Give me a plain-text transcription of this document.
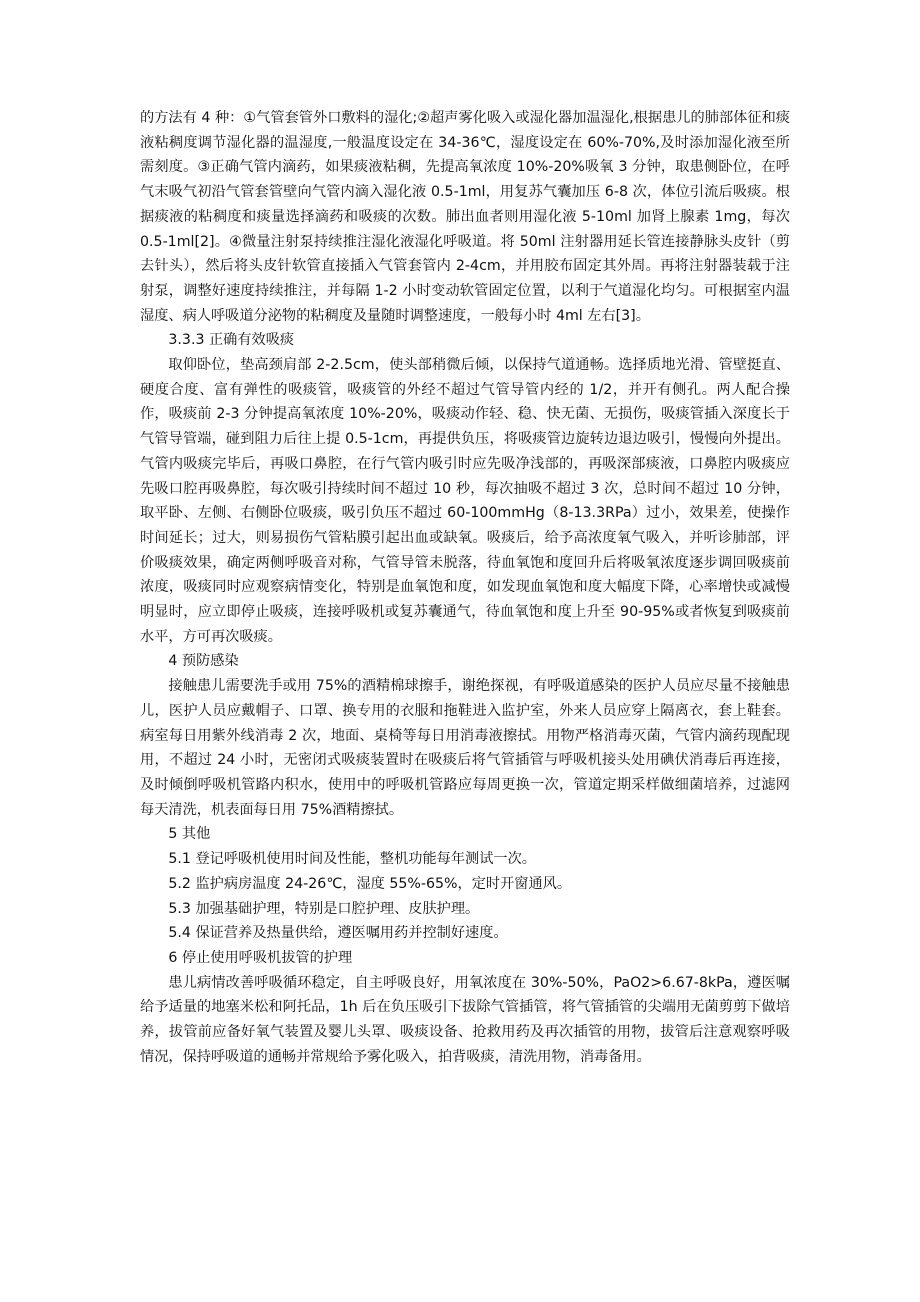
的方法有 4 种：①气管套管外口敷料的湿化;②超声雾化吸入或湿化器加温湿化,根据患儿的肺部体征和痰液粘稠度调节湿化器的温湿度,一般温度设定在 34-36℃，湿度设定在 60%-70%,及时添加湿化液至所需刻度。③正确气管内滴药，如果痰液粘稠，先提高氧浓度 10%-20%吸氧 3 分钟，取患侧卧位，在呼气末吸气初沿气管套管壁向气管内滴入湿化液 0.5-1ml，用复苏气囊加压 6-8 次，体位引流后吸痰。根据痰液的粘稠度和痰量选择滴药和吸痰的次数。肺出血者则用湿化液 5-10ml 加肾上腺素 1mg，每次 0.5-1ml[2]。④微量注射泵持续推注湿化液湿化呼吸道。将 50ml 注射器用延长管连接静脉头皮针（剪去针头），然后将头皮针软管直接插入气管套管内 2-4cm，并用胶布固定其外周。再将注射器装载于注射泵，调整好速度持续推注，并每隔 1-2 小时变动软管固定位置，以利于气道湿化均匀。可根据室内温湿度、病人呼吸道分泌物的粘稠度及量随时调整速度，一般每小时 4ml 左右[3]。

3.3.3 正确有效吸痰

取仰卧位，垫高颈肩部 2-2.5cm，使头部稍微后倾，以保持气道通畅。选择质地光滑、管壁挺直、硬度合度、富有弹性的吸痰管，吸痰管的外经不超过气管导管内经的 1/2，并开有侧孔。两人配合操作，吸痰前 2-3 分钟提高氧浓度 10%-20%，吸痰动作轻、稳、快无菌、无损伤，吸痰管插入深度长于气管导管端，碰到阻力后往上提 0.5-1cm，再提供负压，将吸痰管边旋转边退边吸引，慢慢向外提出。气管内吸痰完毕后，再吸口鼻腔，在行气管内吸引时应先吸净浅部的，再吸深部痰液，口鼻腔内吸痰应先吸口腔再吸鼻腔，每次吸引持续时间不超过 10 秒，每次抽吸不超过 3 次，总时间不超过 10 分钟，取平卧、左侧、右侧卧位吸痰，吸引负压不超过 60-100mmHg（8-13.3RPa）过小，效果差，使操作时间延长；过大，则易损伤气管粘膜引起出血或缺氧。吸痰后，给予高浓度氧气吸入，并听诊肺部，评价吸痰效果，确定两侧呼吸音对称，气管导管未脱落，待血氧饱和度回升后将吸氧浓度逐步调回吸痰前浓度，吸痰同时应观察病情变化，特别是血氧饱和度，如发现血氧饱和度大幅度下降，心率增快或减慢明显时，应立即停止吸痰，连接呼吸机或复苏囊通气，待血氧饱和度上升至 90-95%或者恢复到吸痰前水平，方可再次吸痰。

4 预防感染

接触患儿需要洗手或用 75%的酒精棉球擦手，谢绝探视，有呼吸道感染的医护人员应尽量不接触患儿，医护人员应戴帽子、口罩、换专用的衣服和拖鞋进入监护室，外来人员应穿上隔离衣，套上鞋套。病室每日用紫外线消毒 2 次，地面、桌椅等每日用消毒液擦拭。用物严格消毒灭菌，气管内滴药现配现用，不超过 24 小时，无密闭式吸痰装置时在吸痰后将气管插管与呼吸机接头处用碘伏消毒后再连接，及时倾倒呼吸机管路内积水，使用中的呼吸机管路应每周更换一次，管道定期采样做细菌培养，过滤网每天清洗，机表面每日用 75%酒精擦拭。

5 其他

5.1 登记呼吸机使用时间及性能，整机功能每年测试一次。

5.2 监护病房温度 24-26℃，湿度 55%-65%，定时开窗通风。

5.3 加强基础护理，特别是口腔护理、皮肤护理。

5.4 保证营养及热量供给，遵医嘱用药并控制好速度。

6 停止使用呼吸机拔管的护理

患儿病情改善呼吸循环稳定，自主呼吸良好，用氧浓度在 30%-50%，PaO2>6.67-8kPa，遵医嘱给予适量的地塞米松和阿托品，1h 后在负压吸引下拔除气管插管，将气管插管的尖端用无菌剪剪下做培养，拔管前应备好氧气装置及婴儿头罩、吸痰设备、抢救用药及再次插管的用物，拔管后注意观察呼吸情况，保持呼吸道的通畅并常规给予雾化吸入，拍背吸痰，清洗用物，消毒备用。
